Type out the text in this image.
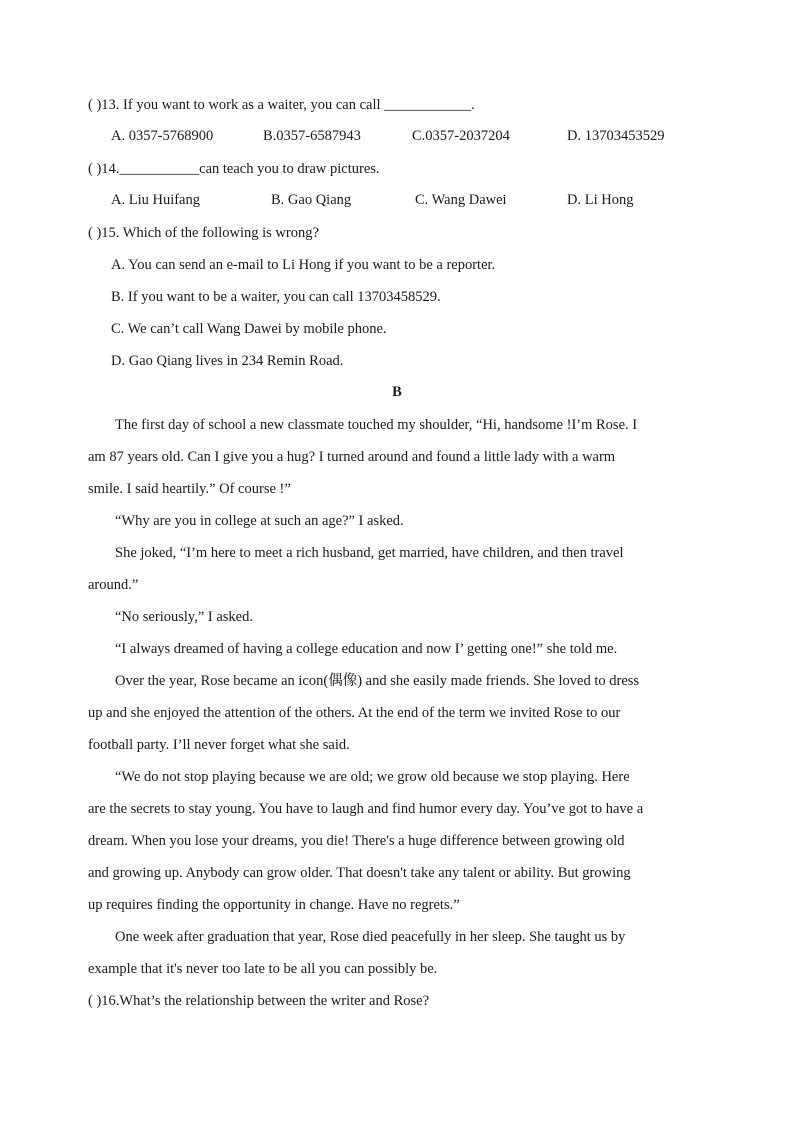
( )13. If you want to work as a waiter, you can call ____________.
A. 0357-5768900	B.0357-6587943	C.0357-2037204	D. 13703453529
( )14.___________can teach you to draw pictures.
A. Liu Huifang	B. Gao Qiang	C. Wang Dawei	D. Li Hong
( )15. Which of the following is wrong?
A. You can send an e-mail to Li Hong if you want to be a reporter.
B. If you want to be a waiter, you can call 13703458529.
C. We can’t call Wang Dawei by mobile phone.
D. Gao Qiang lives in 234 Remin Road.
B
The first day of school a new classmate touched my shoulder, “Hi, handsome !I’m Rose. I
am 87 years old. Can I give you a hug? I turned around and found a little lady with a warm
smile. I said heartily.” Of course !”
“Why are you in college at such an age?” I asked.
She joked, “I’m here to meet a rich husband, get married, have children, and then travel
around.”
“No seriously,” I asked.
“I always dreamed of having a college education and now I’ getting one!” she told me.
Over the year, Rose became an icon(偶像) and she easily made friends. She loved to dress
up and she enjoyed the attention of the others. At the end of the term we invited Rose to our
football party. I’ll never forget what she said.
“We do not stop playing because we are old; we grow old because we stop playing. Here
are the secrets to stay young. You have to laugh and find humor every day. You’ve got to have a
dream. When you lose your dreams, you die! There's a huge difference between growing old
and growing up. Anybody can grow older. That doesn't take any talent or ability. But growing
up requires finding the opportunity in change. Have no regrets.”
One week after graduation that year, Rose died peacefully in her sleep. She taught us by
example that it's never too late to be all you can possibly be.
( )16.What’s the relationship between the writer and Rose?
